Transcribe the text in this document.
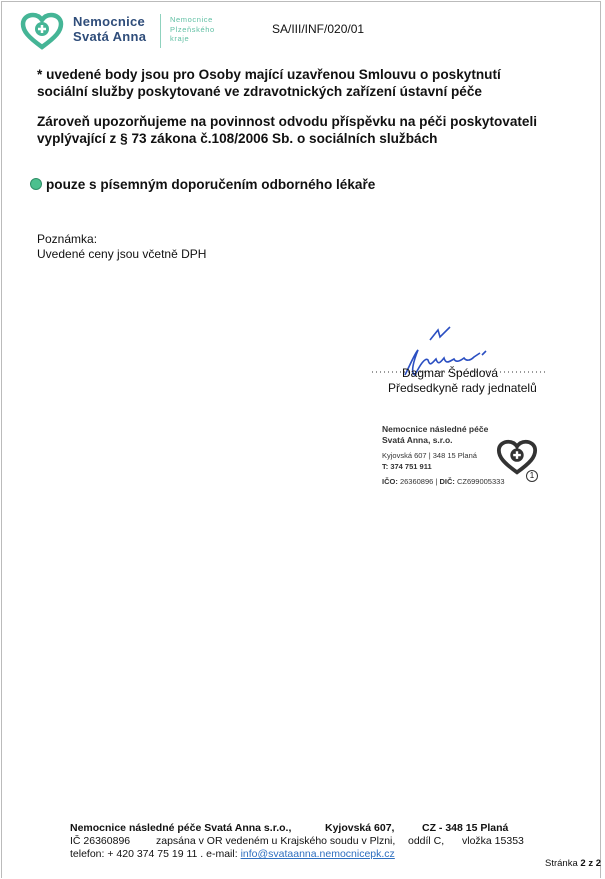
Nemocnice
Svatá Anna
Nemocnice
Plzeňského
kraje
SA/III/INF/020/01
* uvedené body jsou pro Osoby mající uzavřenou Smlouvu o poskytnutí
sociální služby poskytované ve zdravotnických zařízení ústavní péče
Zároveň upozorňujeme na povinnost odvodu příspěvku na péči poskytovateli
vyplývající z § 73 zákona č.108/2006 Sb. o sociálních službách
pouze s písemným doporučením odborného lékaře
Poznámka:
Uvedené ceny jsou včetně DPH
Dagmar Špédlová
Předsedkyně rady jednatelů
Nemocnice následné péče
Svatá Anna, s.r.o.
Kyjovská 607 | 348 15 Planá
T: 374 751 911
IČO: 26360896 | DIČ: CZ699005333
1
Nemocnice následné péče Svatá Anna s.r.o.,	Kyjovská 607,	CZ - 348 15 Planá
IČ 26360896 zapsána v OR vedeném u Krajského soudu v Plzni, oddíl C, vložka 15353
telefon: + 420 374 75 19 11 . e-mail: info@svataanna.nemocnicepk.cz
Stránka 2 z 2
